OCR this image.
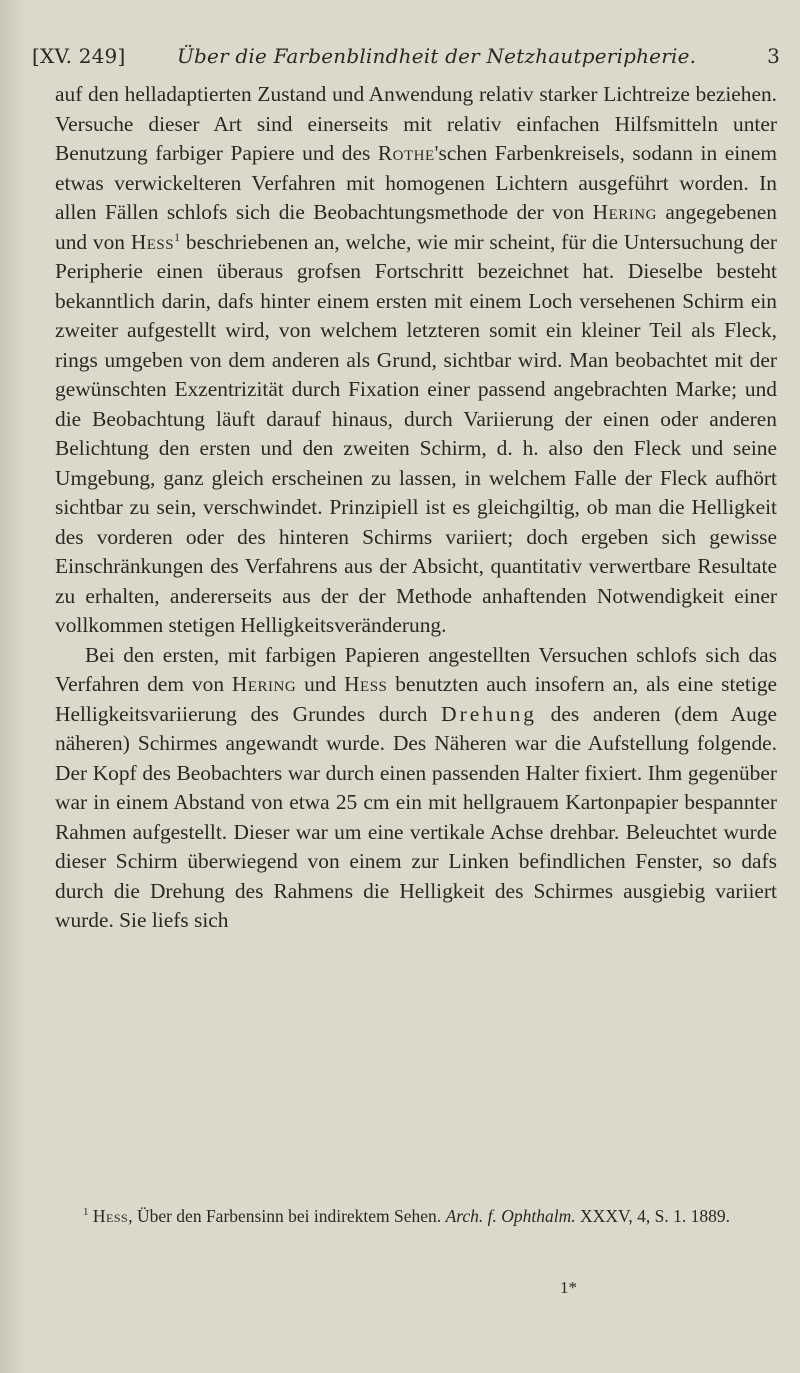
[XV. 249]	Über die Farbenblindheit der Netzhautperipherie.	3

auf den helladaptierten Zustand und Anwendung relativ starker Lichtreize beziehen. Versuche dieser Art sind einerseits mit relativ einfachen Hilfsmitteln unter Benutzung farbiger Papiere und des Rothe'schen Farbenkreisels, sodann in einem etwas verwickelteren Verfahren mit homogenen Lichtern ausgeführt worden. In allen Fällen schlofs sich die Beobachtungsmethode der von Hering angegebenen und von Hess$^1$ beschriebenen an, welche, wie mir scheint, für die Untersuchung der Peripherie einen überaus grofsen Fortschritt bezeichnet hat. Dieselbe besteht bekanntlich darin, dafs hinter einem ersten mit einem Loch versehenen Schirm ein zweiter aufgestellt wird, von welchem letzteren somit ein kleiner Teil als Fleck, rings umgeben von dem anderen als Grund, sichtbar wird. Man beobachtet mit der gewünschten Exzentrizität durch Fixation einer passend angebrachten Marke; und die Beobachtung läuft darauf hinaus, durch Variierung der einen oder anderen Belichtung den ersten und den zweiten Schirm, d. h. also den Fleck und seine Umgebung, ganz gleich erscheinen zu lassen, in welchem Falle der Fleck aufhört sichtbar zu sein, verschwindet. Prinzipiell ist es gleichgiltig, ob man die Helligkeit des vorderen oder des hinteren Schirms variiert; doch ergeben sich gewisse Einschränkungen des Verfahrens aus der Absicht, quantitativ verwertbare Resultate zu erhalten, andererseits aus der der Methode anhaftenden Notwendigkeit einer vollkommen stetigen Helligkeitsveränderung.

Bei den ersten, mit farbigen Papieren angestellten Versuchen schlofs sich das Verfahren dem von Hering und Hess benutzten auch insofern an, als eine stetige Helligkeitsvariierung des Grundes durch Drehung des anderen (dem Auge näheren) Schirmes angewandt wurde. Des Näheren war die Aufstellung folgende. Der Kopf des Beobachters war durch einen passenden Halter fixiert. Ihm gegenüber war in einem Abstand von etwa 25 cm ein mit hellgrauem Kartonpapier bespannter Rahmen aufgestellt. Dieser war um eine vertikale Achse drehbar. Beleuchtet wurde dieser Schirm überwiegend von einem zur Linken befindlichen Fenster, so dafs durch die Drehung des Rahmens die Helligkeit des Schirmes ausgiebig variiert wurde. Sie liefs sich

$^1$ Hess, Über den Farbensinn bei indirektem Sehen. Arch. f. Ophthalm. XXXV, 4, S. 1. 1889.
1*
